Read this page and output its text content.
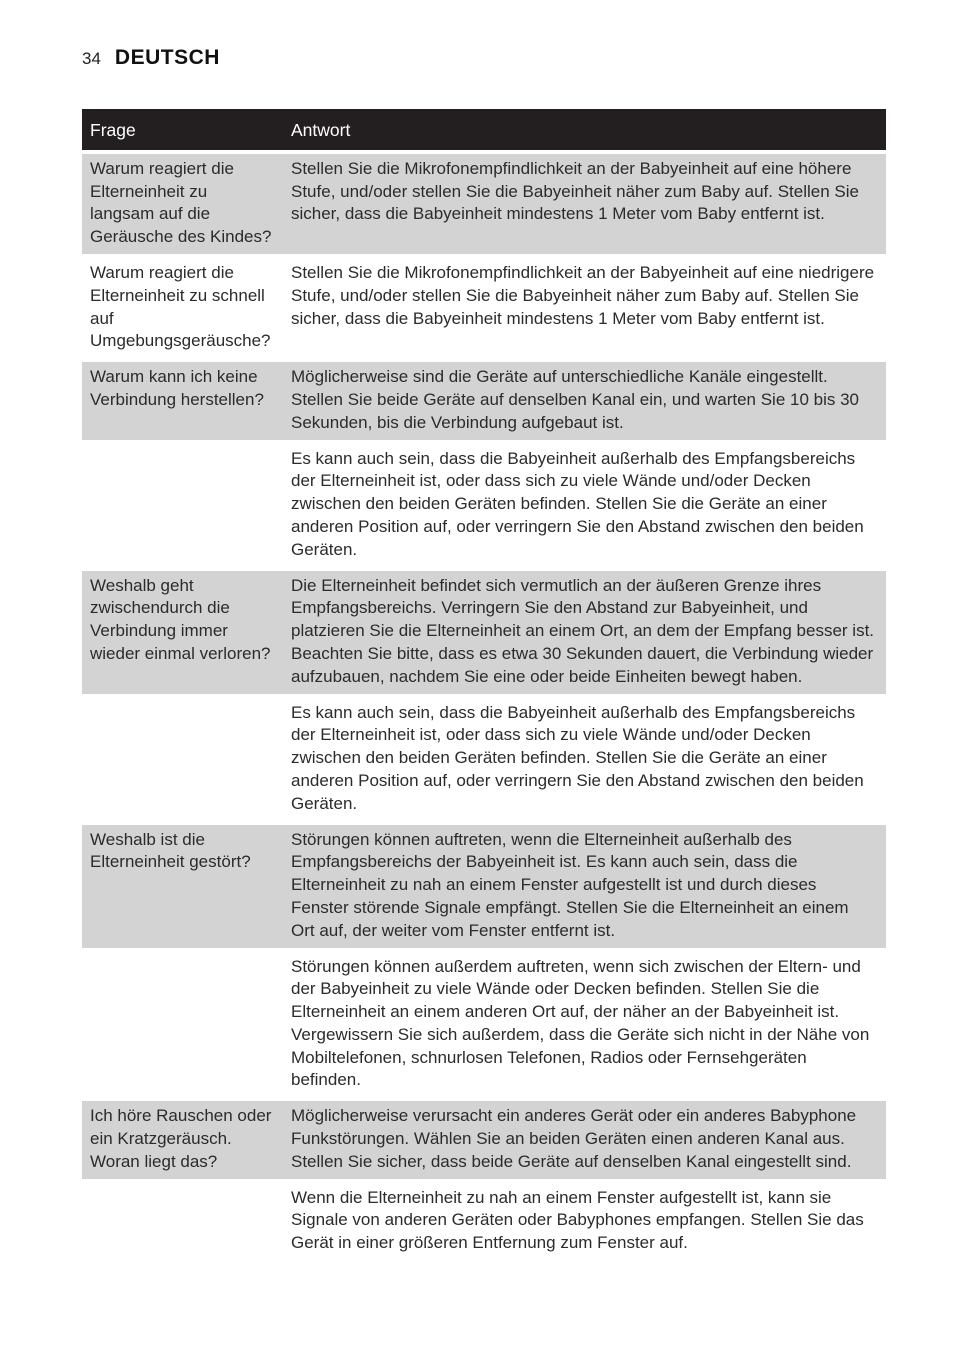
34 DEUTSCH
Frage	Antwort
Warum reagiert die Elterneinheit zu langsam auf die Geräusche des Kindes?	Stellen Sie die Mikrofonempfindlichkeit an der Babyeinheit auf eine höhere Stufe, und/oder stellen Sie die Babyeinheit näher zum Baby auf. Stellen Sie sicher, dass die Babyeinheit mindestens 1 Meter vom Baby entfernt ist.
Warum reagiert die Elterneinheit zu schnell auf Umgebungsgeräusche?	Stellen Sie die Mikrofonempfindlichkeit an der Babyeinheit auf eine niedrigere Stufe, und/oder stellen Sie die Babyeinheit näher zum Baby auf. Stellen Sie sicher, dass die Babyeinheit mindestens 1 Meter vom Baby entfernt ist.
Warum kann ich keine Verbindung herstellen?	Möglicherweise sind die Geräte auf unterschiedliche Kanäle eingestellt. Stellen Sie beide Geräte auf denselben Kanal ein, und warten Sie 10 bis 30 Sekunden, bis die Verbindung aufgebaut ist.
	Es kann auch sein, dass die Babyeinheit außerhalb des Empfangsbereichs der Elterneinheit ist, oder dass sich zu viele Wände und/oder Decken zwischen den beiden Geräten befinden. Stellen Sie die Geräte an einer anderen Position auf, oder verringern Sie den Abstand zwischen den beiden Geräten.
Weshalb geht zwischendurch die Verbindung immer wieder einmal verloren?	Die Elterneinheit befindet sich vermutlich an der äußeren Grenze ihres Empfangsbereichs. Verringern Sie den Abstand zur Babyeinheit, und platzieren Sie die Elterneinheit an einem Ort, an dem der Empfang besser ist. Beachten Sie bitte, dass es etwa 30 Sekunden dauert, die Verbindung wieder aufzubauen, nachdem Sie eine oder beide Einheiten bewegt haben.
	Es kann auch sein, dass die Babyeinheit außerhalb des Empfangsbereichs der Elterneinheit ist, oder dass sich zu viele Wände und/oder Decken zwischen den beiden Geräten befinden. Stellen Sie die Geräte an einer anderen Position auf, oder verringern Sie den Abstand zwischen den beiden Geräten.
Weshalb ist die Elterneinheit gestört?	Störungen können auftreten, wenn die Elterneinheit außerhalb des Empfangsbereichs der Babyeinheit ist. Es kann auch sein, dass die Elterneinheit zu nah an einem Fenster aufgestellt ist und durch dieses Fenster störende Signale empfängt. Stellen Sie die Elterneinheit an einem Ort auf, der weiter vom Fenster entfernt ist.
	Störungen können außerdem auftreten, wenn sich zwischen der Eltern- und der Babyeinheit zu viele Wände oder Decken befinden. Stellen Sie die Elterneinheit an einem anderen Ort auf, der näher an der Babyeinheit ist. Vergewissern Sie sich außerdem, dass die Geräte sich nicht in der Nähe von Mobiltelefonen, schnurlosen Telefonen, Radios oder Fernsehgeräten befinden.
Ich höre Rauschen oder ein Kratzgeräusch. Woran liegt das?	Möglicherweise verursacht ein anderes Gerät oder ein anderes Babyphone Funkstörungen. Wählen Sie an beiden Geräten einen anderen Kanal aus. Stellen Sie sicher, dass beide Geräte auf denselben Kanal eingestellt sind.
	Wenn die Elterneinheit zu nah an einem Fenster aufgestellt ist, kann sie Signale von anderen Geräten oder Babyphones empfangen. Stellen Sie das Gerät in einer größeren Entfernung zum Fenster auf.
